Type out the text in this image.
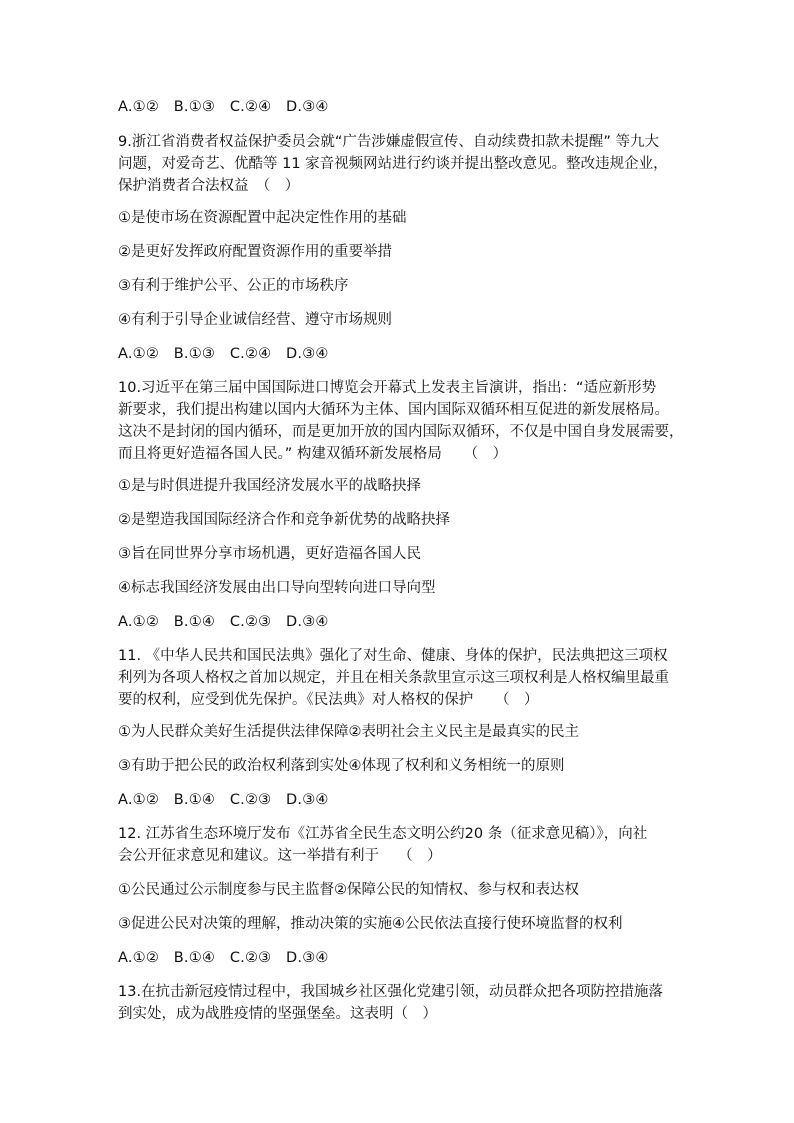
A.①②　B.①③　C.②④　D.③④
9.浙江省消费者权益保护委员会就“广告涉嫌虚假宣传、自动续费扣款未提醒” 等九大
问题，对爱奇艺、优酷等 11 家音视频网站进行约谈并提出整改意见。整改违规企业，
保护消费者合法权益　（　）
①是使市场在资源配置中起决定性作用的基础
②是更好发挥政府配置资源作用的重要举措
③有利于维护公平、公正的市场秩序
④有利于引导企业诚信经营、遵守市场规则
A.①②　B.①③　C.②④　D.③④
10.习近平在第三届中国国际进口博览会开幕式上发表主旨演讲，指出：“适应新形势
新要求，我们提出构建以国内大循环为主体、国内国际双循环相互促进的新发展格局。
这决不是封闭的国内循环，而是更加开放的国内国际双循环，不仅是中国自身发展需要，
而且将更好造福各国人民。” 构建双循环新发展格局　　（　）
①是与时俱进提升我国经济发展水平的战略抉择
②是塑造我国国际经济合作和竞争新优势的战略抉择
③旨在同世界分享市场机遇，更好造福各国人民
④标志我国经济发展由出口导向型转向进口导向型
A.①②　B.①④　C.②③　D.③④
11. 《中华人民共和国民法典》强化了对生命、健康、身体的保护，民法典把这三项权
利列为各项人格权之首加以规定，并且在相关条款里宣示这三项权利是人格权编里最重
要的权利，应受到优先保护。《民法典》对人格权的保护　　（　）
①为人民群众美好生活提供法律保障②表明社会主义民主是最真实的民主
③有助于把公民的政治权利落到实处④体现了权利和义务相统一的原则
A.①②　B.①④　C.②③　D.③④
12. 江苏省生态环境厅发布《江苏省全民生态文明公约20 条（征求意见稿）》，向社
会公开征求意见和建议。这一举措有利于　 （　）
①公民通过公示制度参与民主监督②保障公民的知情权、参与权和表达权
③促进公民对决策的理解，推动决策的实施④公民依法直接行使环境监督的权利
A.①②　B.①④　C.②③　D.③④
13.在抗击新冠疫情过程中，我国城乡社区强化党建引领，动员群众把各项防控措施落
到实处，成为战胜疫情的坚强堡垒。这表明（　）
